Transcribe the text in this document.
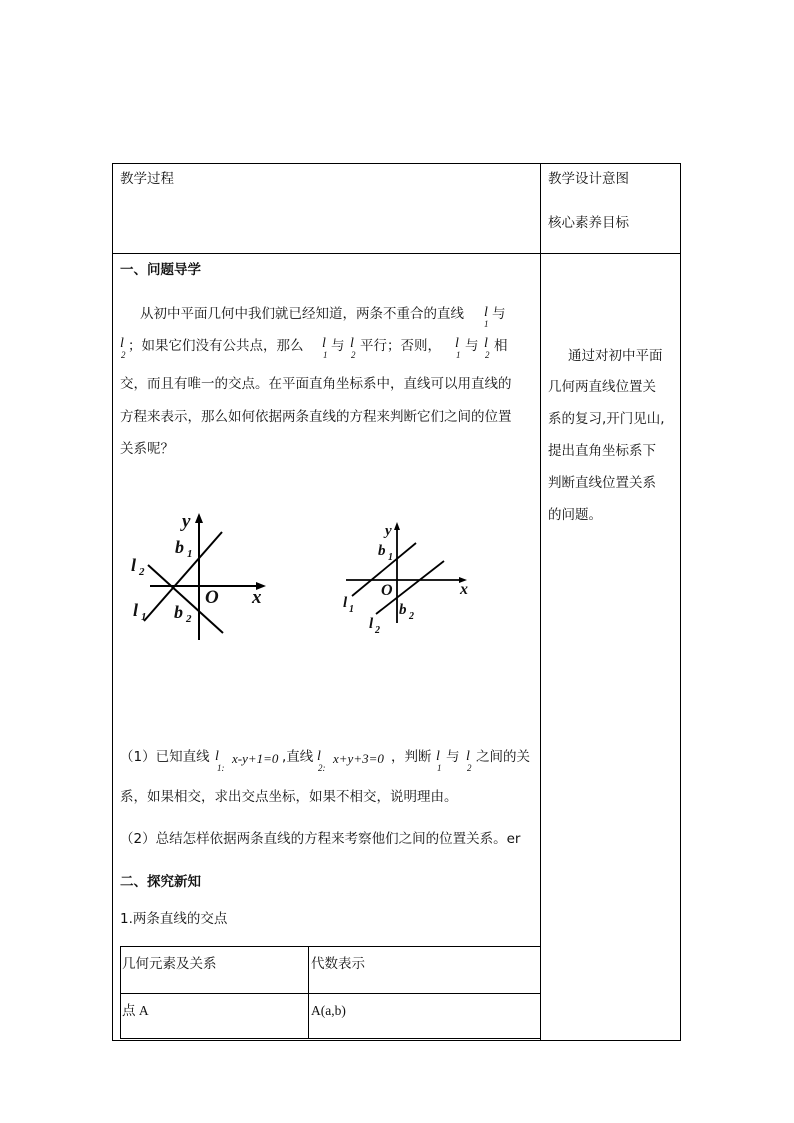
教学过程	教学设计意图
核心素养目标
一、问题导学
从初中平面几何中我们就已经知道，两条不重合的直线 l
1
与
l
2
；如果它们没有公共点，那么 l
1
与 l
2
平行；否则， l
1
与 l
2
相
交，而且有唯一的交点。在平面直角坐标系中，直线可以用直线的
方程来表示，那么如何依据两条直线的方程来判断它们之间的位置
关系呢？
y
x
O
b 1
b 2
l 2
l 1
y
x
O
b 1
b 2
l 1
l 2
（1）已知直线 l
1:
x-y+1=0 ,直线 l
2:
x+y+3=0 ，判断 l
1
与 l
2
之间的关
系，如果相交，求出交点坐标，如果不相交，说明理由。
（2）总结怎样依据两条直线的方程来考察他们之间的位置关系。er
二、探究新知
1.两条直线的交点
几何元素及关系	代数表示
点 A	A(a,b)
通过对初中平面
几何两直线位置关
系的复习,开门见山,
提出直角坐标系下
判断直线位置关系
的问题。
